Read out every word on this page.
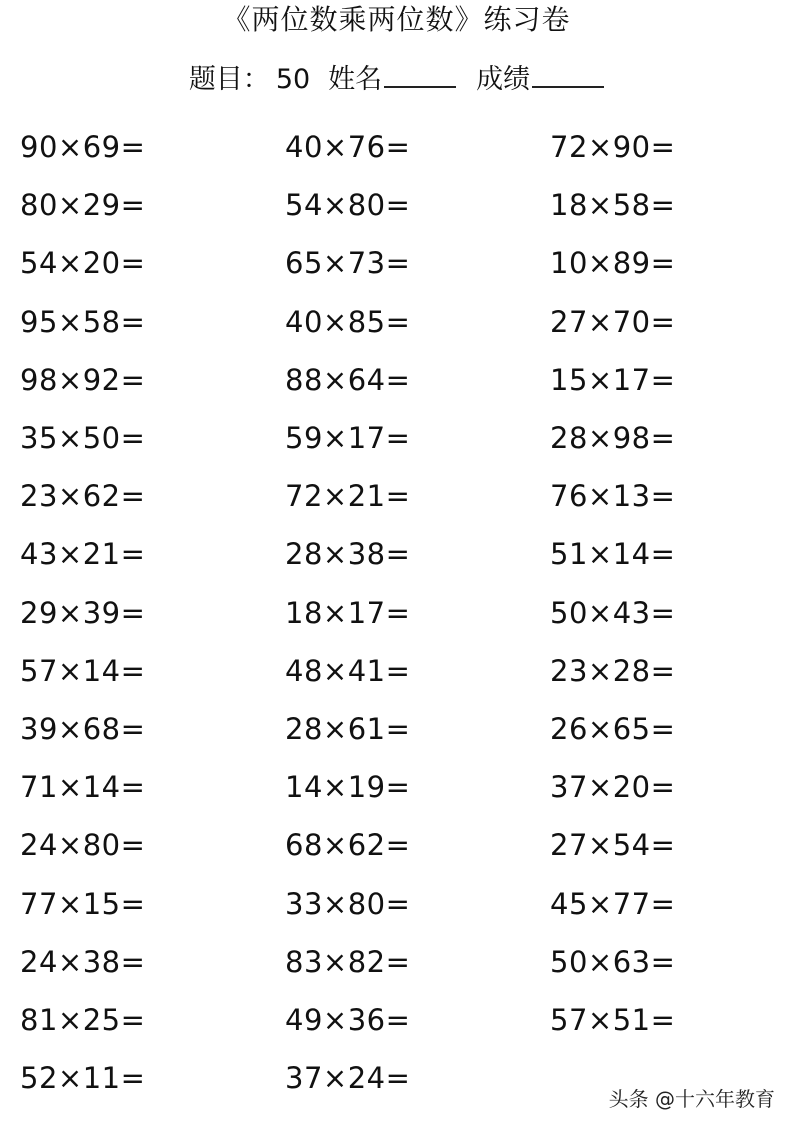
《两位数乘两位数》练习卷
题目： 50 姓名	成绩
90×69=
80×29=
54×20=
95×58=
98×92=
35×50=
23×62=
43×21=
29×39=
57×14=
39×68=
71×14=
24×80=
77×15=
24×38=
81×25=
52×11=
40×76=
54×80=
65×73=
40×85=
88×64=
59×17=
72×21=
28×38=
18×17=
48×41=
28×61=
14×19=
68×62=
33×80=
83×82=
49×36=
37×24=
72×90=
18×58=
10×89=
27×70=
15×17=
28×98=
76×13=
51×14=
50×43=
23×28=
26×65=
37×20=
27×54=
45×77=
50×63=
57×51=
头条 @十六年教育
